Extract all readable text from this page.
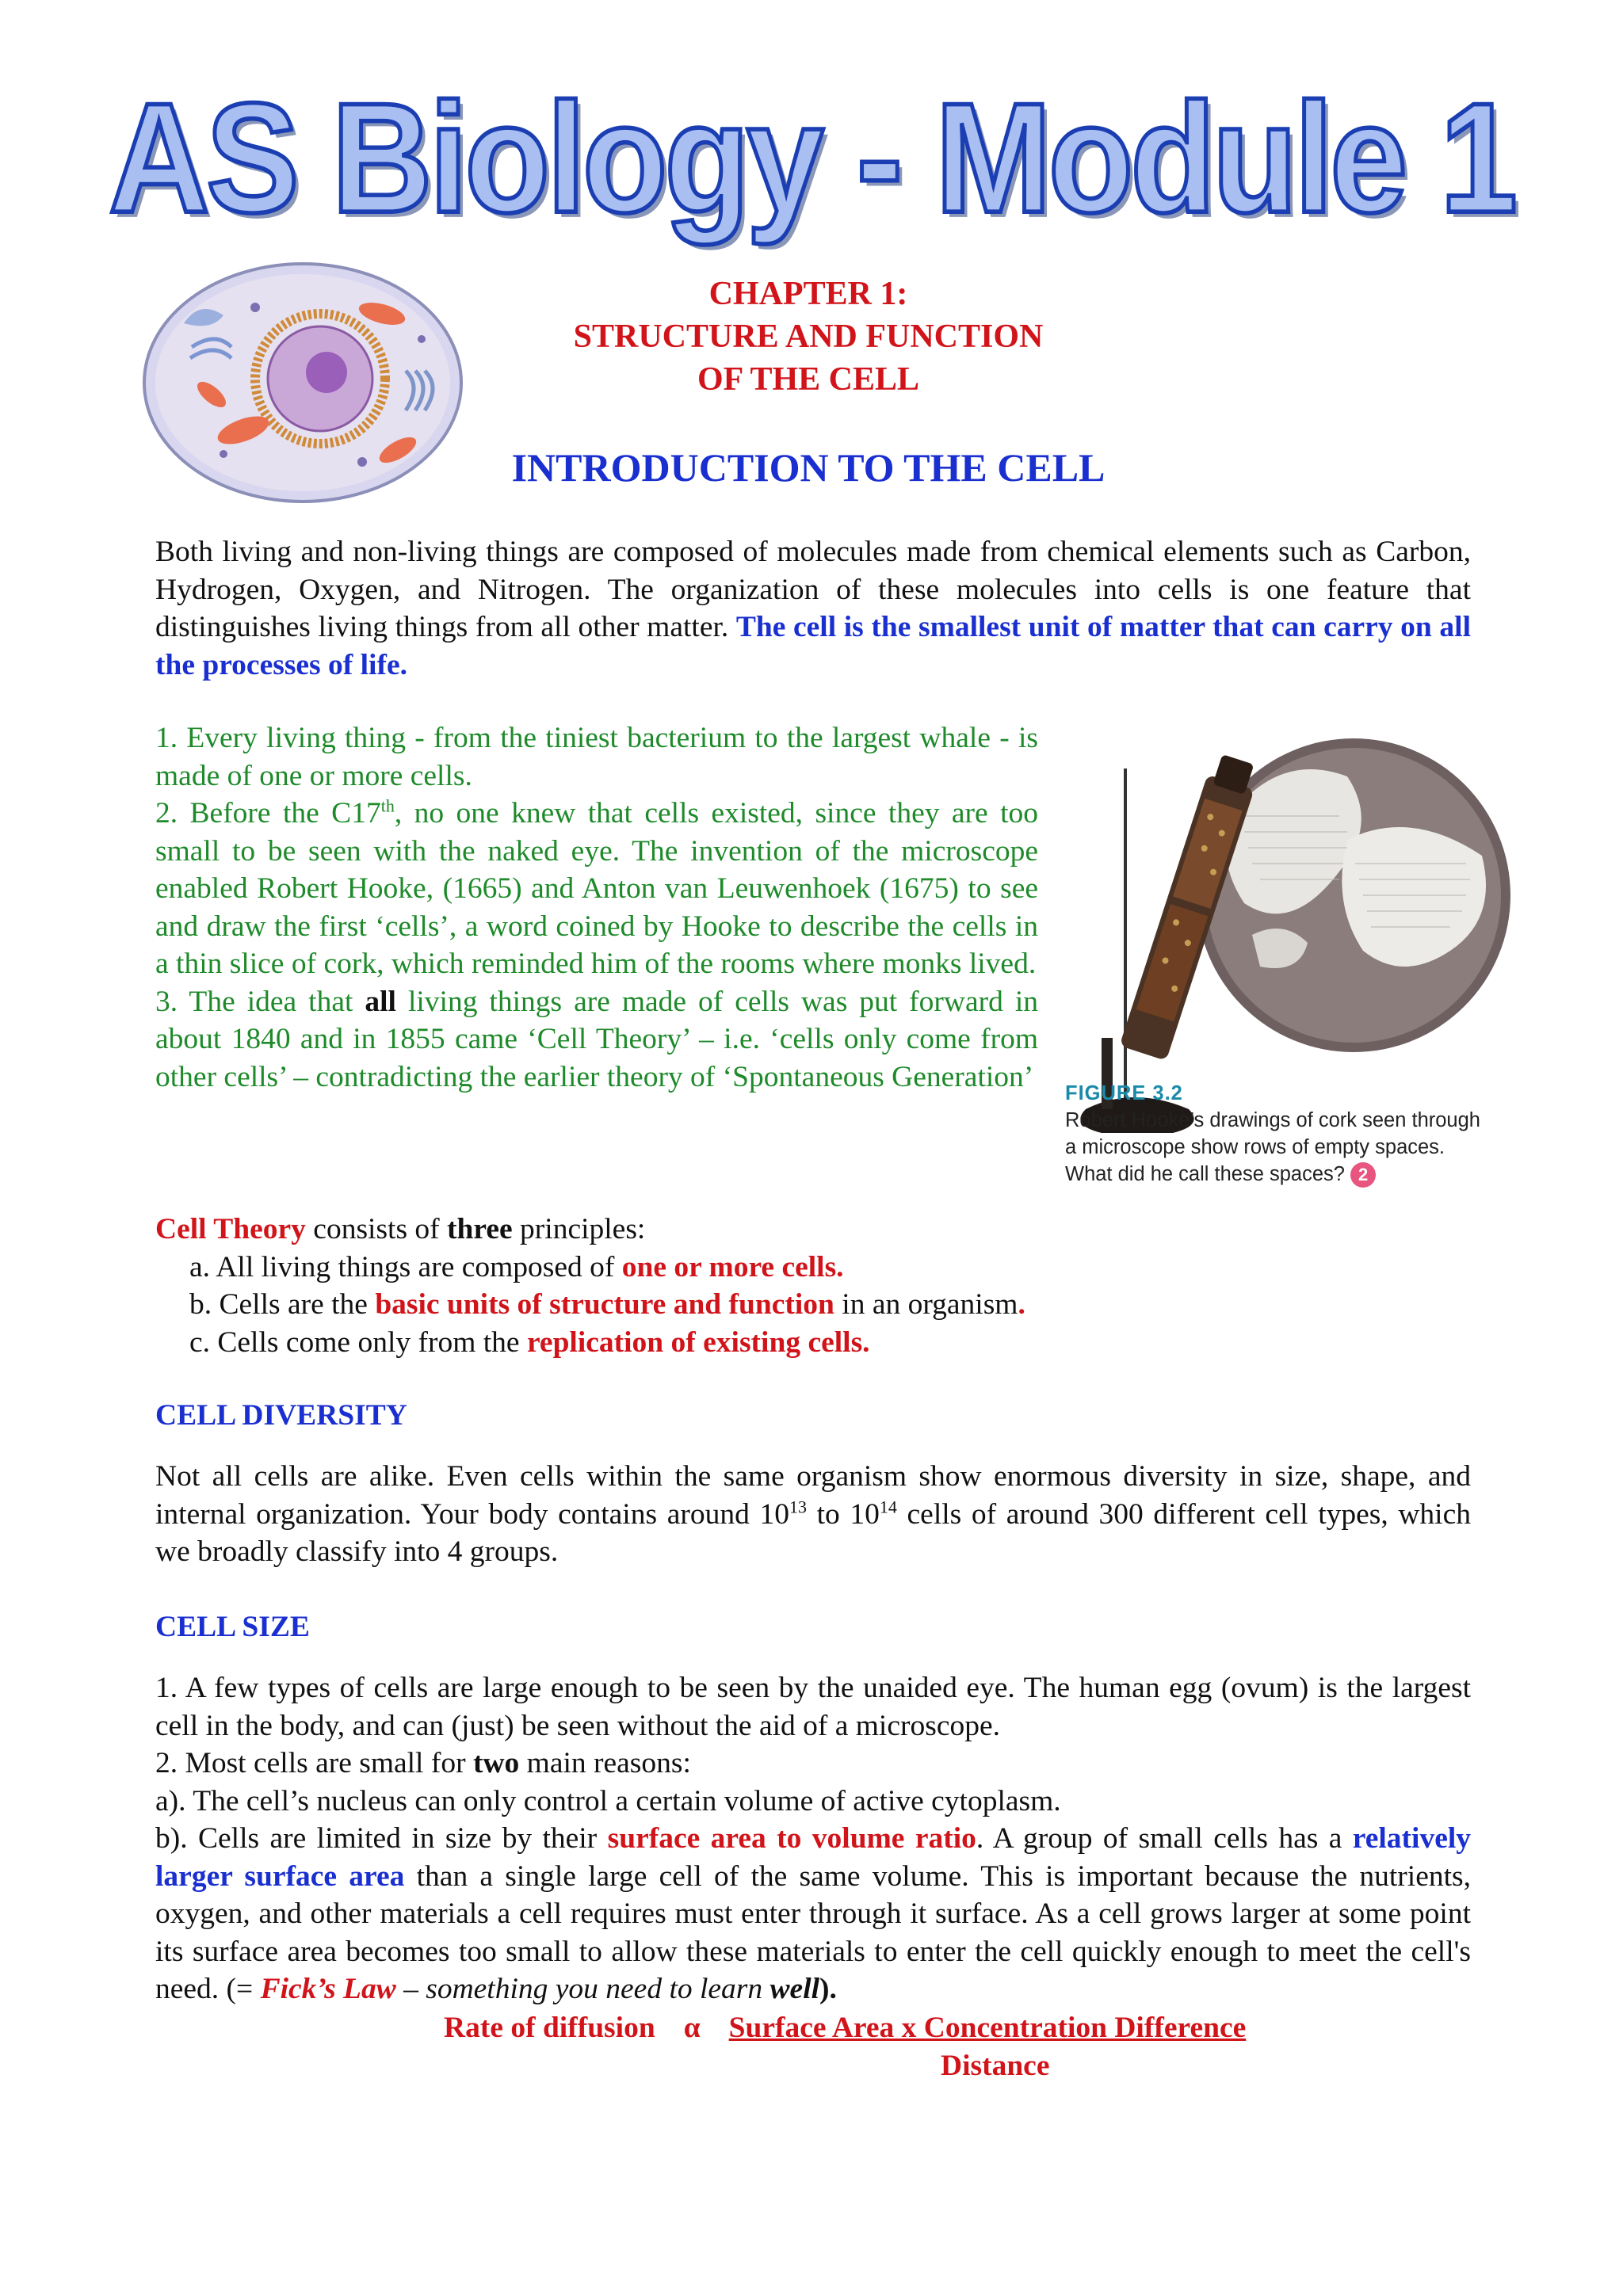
AS Biology - Module 1
CHAPTER 1:
STRUCTURE AND FUNCTION
OF THE CELL
INTRODUCTION TO THE CELL
Both living and non-living things are composed of molecules made from chemical elements such as Carbon, Hydrogen, Oxygen, and Nitrogen. The organization of these molecules into cells is one feature that distinguishes living things from all other matter. The cell is the smallest unit of matter that can carry on all the processes of life.

1. Every living thing - from the tiniest bacterium to the largest whale - is made of one or more cells.

2. Before the C17th, no one knew that cells existed, since they are too small to be seen with the naked eye. The invention of the microscope enabled Robert Hooke, (1665) and Anton van Leuwenhoek (1675) to see and draw the first ‘cells’, a word coined by Hooke to describe the cells in a thin slice of cork, which reminded him of the rooms where monks lived.

3. The idea that all living things are made of cells was put forward in about 1840 and in 1855 came ‘Cell Theory’ – i.e. ‘cells only come from other cells’ – contradicting the earlier theory of ‘Spontaneous Generation’

FIGURE 3.2
Robert Hooke’s drawings of cork seen through a microscope show rows of empty spaces. What did he call these spaces? 2
Cell Theory consists of three principles:
a. All living things are composed of one or more cells.
b. Cells are the basic units of structure and function in an organism.
c. Cells come only from the replication of existing cells.
CELL DIVERSITY
Not all cells are alike. Even cells within the same organism show enormous diversity in size, shape, and internal organization. Your body contains around $10^{13}$ to $10^{14}$ cells of around 300 different cell types, which we broadly classify into 4 groups.
CELL SIZE

1. A few types of cells are large enough to be seen by the unaided eye. The human egg (ovum) is the largest cell in the body, and can (just) be seen without the aid of a microscope.

2. Most cells are small for two main reasons:

a). The cell’s nucleus can only control a certain volume of active cytoplasm.

b). Cells are limited in size by their surface area to volume ratio. A group of small cells has a relatively larger surface area than a single large cell of the same volume. This is important because the nutrients, oxygen, and other materials a cell requires must enter through it surface. As a cell grows larger at some point its surface area becomes too small to allow these materials to enter the cell quickly enough to meet the cell's need. (= Fick’s Law – something you need to learn well).

Rate of diffusion α Surface Area x Concentration Difference
Distance
